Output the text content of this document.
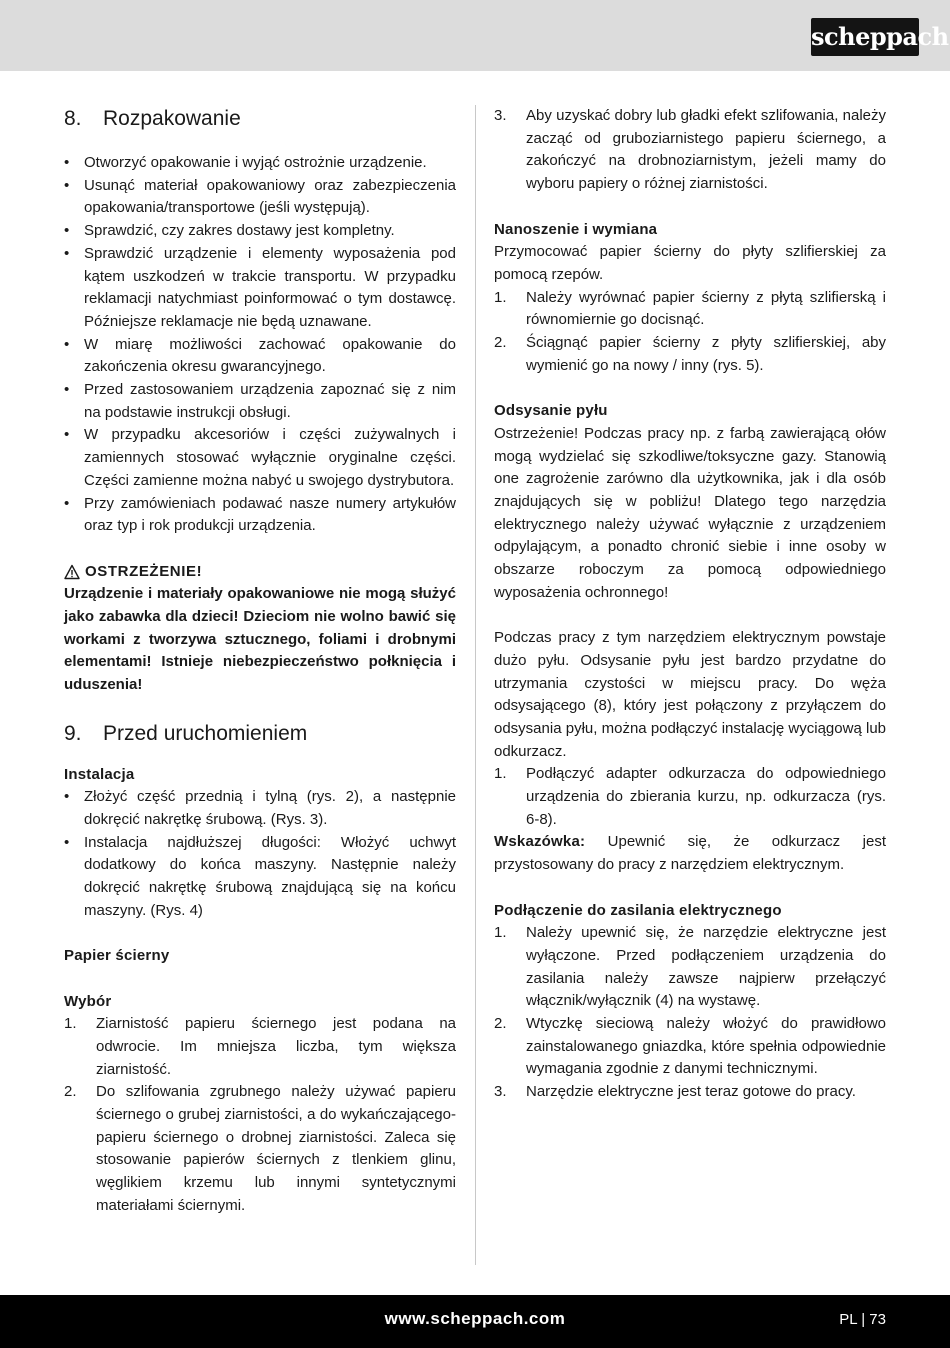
scheppach
8.	Rozpakowanie
• Otworzyć opakowanie i wyjąć ostrożnie urządzenie.
• Usunąć materiał opakowaniowy oraz zabezpieczenia opakowania/transportowe (jeśli występują).
• Sprawdzić, czy zakres dostawy jest kompletny.
• Sprawdzić urządzenie i elementy wyposażenia pod kątem uszkodzeń w trakcie transportu. W przypadku reklamacji natychmiast poinformować o tym dostawcę. Późniejsze reklamacje nie będą uznawane.
• W miarę możliwości zachować opakowanie do zakończenia okresu gwarancyjnego.
• Przed zastosowaniem urządzenia zapoznać się z nim na podstawie instrukcji obsługi.
• W przypadku akcesoriów i części zużywalnych i zamiennych stosować wyłącznie oryginalne części. Części zamienne można nabyć u swojego dystrybutora.
• Przy zamówieniach podawać nasze numery artykułów oraz typ i rok produkcji urządzenia.
OSTRZEŻENIE!

Urządzenie i materiały opakowaniowe nie mogą służyć jako zabawka dla dzieci! Dzieciom nie wolno bawić się workami z tworzywa sztucznego, foliami i drobnymi elementami! Istnieje niebezpieczeństwo połknięcia i uduszenia!

9.	Przed uruchomieniem
Instalacja
• Złożyć część przednią i tylną (rys. 2), a następnie dokręcić nakrętkę śrubową. (Rys. 3).
• Instalacja najdłuższej długości: Włożyć uchwyt dodatkowy do końca maszyny. Następnie należy dokręcić nakrętkę śrubową znajdującą się na końcu maszyny. (Rys. 4)
Papier ścierny
Wybór
1.	Ziarnistość papieru ściernego jest podana na odwrocie. Im mniejsza liczba, tym większa ziarnistość.
2.	Do szlifowania zgrubnego należy używać papieru ściernego o grubej ziarnistości, a do wykańczającego-papieru ściernego o drobnej ziarnistości. Zaleca się stosowanie papierów ściernych z tlenkiem glinu, węglikiem krzemu lub innymi syntetycznymi materiałami ściernymi.
3.	Aby uzyskać dobry lub gładki efekt szlifowania, należy zacząć od gruboziarnistego papieru ściernego, a zakończyć na drobnoziarnistym, jeżeli mamy do wyboru papiery o różnej ziarnistości.
Nanoszenie i wymiana

Przymocować papier ścierny do płyty szlifierskiej za pomocą rzepów.

1.	Należy wyrównać papier ścierny z płytą szlifierską i równomiernie go docisnąć.
2.	Ściągnąć papier ścierny z płyty szlifierskiej, aby wymienić go na nowy / inny (rys. 5).
Odsysanie pyłu

Ostrzeżenie! Podczas pracy np. z farbą zawierającą ołów mogą wydzielać się szkodliwe/toksyczne gazy. Stanowią one zagrożenie zarówno dla użytkownika, jak i dla osób znajdujących się w pobliżu! Dlatego tego narzędzia elektrycznego należy używać wyłącznie z urządzeniem odpylającym, a ponadto chronić siebie i inne osoby w obszarze roboczym za pomocą odpowiedniego wyposażenia ochronnego!

Podczas pracy z tym narzędziem elektrycznym powstaje dużo pyłu. Odsysanie pyłu jest bardzo przydatne do utrzymania czystości w miejscu pracy. Do węża odsysającego (8), który jest połączony z przyłączem do odsysania pyłu, można podłączyć instalację wyciągową lub odkurzacz.

1.	Podłączyć adapter odkurzacza do odpowiedniego urządzenia do zbierania kurzu, np. odkurzacza (rys. 6-8).

Wskazówka: Upewnić się, że odkurzacz jest przystosowany do pracy z narzędziem elektrycznym.

Podłączenie do zasilania elektrycznego
1.	Należy upewnić się, że narzędzie elektryczne jest wyłączone. Przed podłączeniem urządzenia do zasilania należy zawsze najpierw przełączyć włącznik/wyłącznik (4) na wystawę.
2.	Wtyczkę sieciową należy włożyć do prawidłowo zainstalowanego gniazdka, które spełnia odpowiednie wymagania zgodnie z danymi technicznymi.
3.	Narzędzie elektryczne jest teraz gotowe do pracy.
www.scheppach.com	PL | 73
